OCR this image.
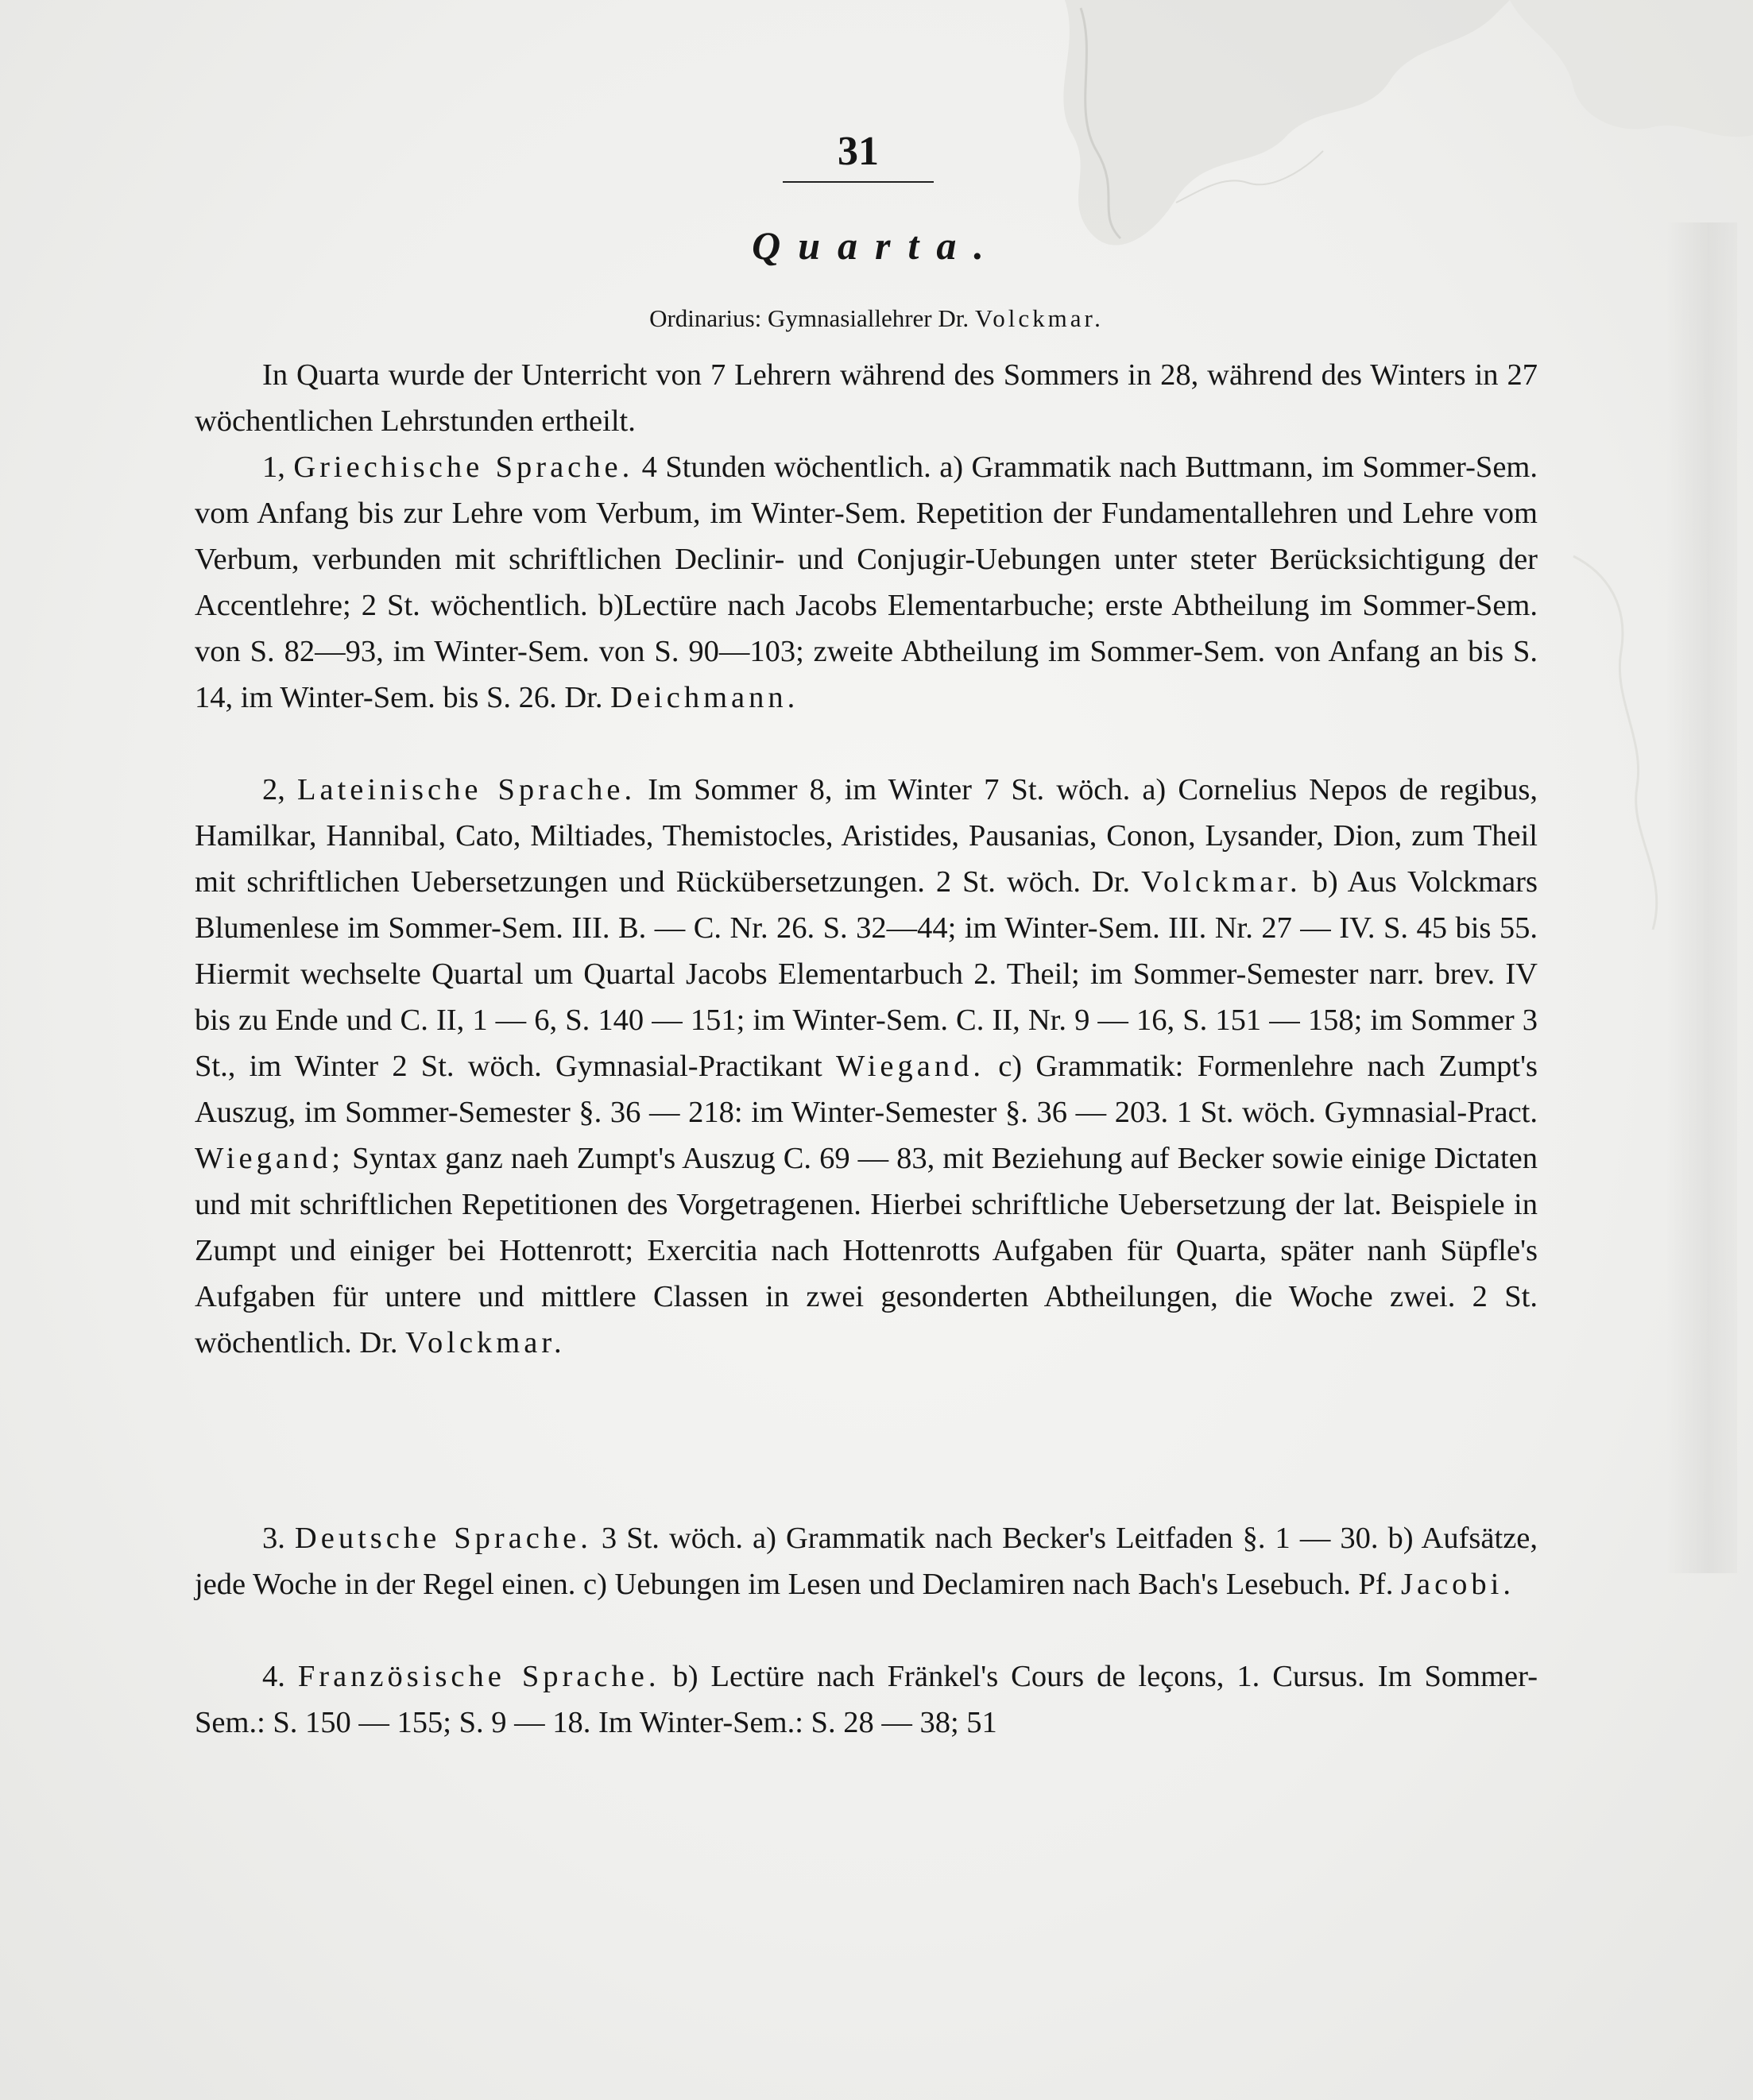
31
Quarta.
Ordinarius: Gymnasiallehrer Dr. Volckmar.

In Quarta wurde der Unterricht von 7 Lehrern während des Sommers in 28, während des Winters in 27 wöchentlichen Lehrstunden ertheilt.

1, Griechische Sprache. 4 Stunden wöchentlich. a) Grammatik nach Buttmann, im Sommer-Sem. vom Anfang bis zur Lehre vom Verbum, im Winter-Sem. Repetition der Fundamentallehren und Lehre vom Verbum, verbunden mit schriftlichen Declinir- und Conjugir-Uebungen unter steter Berücksichtigung der Accentlehre; 2 St. wöchentlich. b)Lectüre nach Jacobs Elementarbuche; erste Abtheilung im Sommer-Sem. von S. 82—93, im Winter-Sem. von S. 90—103; zweite Abtheilung im Sommer-Sem. von Anfang an bis S. 14, im Winter-Sem. bis S. 26. Dr. Deichmann.

2, Lateinische Sprache. Im Sommer 8, im Winter 7 St. wöch. a) Cornelius Nepos de regibus, Hamilkar, Hannibal, Cato, Miltiades, Themistocles, Aristides, Pausanias, Conon, Lysander, Dion, zum Theil mit schriftlichen Uebersetzungen und Rückübersetzungen. 2 St. wöch. Dr. Volckmar. b) Aus Volckmars Blumenlese im Sommer-Sem. III. B. — C. Nr. 26. S. 32—44; im Winter-Sem. III. Nr. 27 — IV. S. 45 bis 55. Hiermit wechselte Quartal um Quartal Jacobs Elementarbuch 2. Theil; im Sommer-Semester narr. brev. IV bis zu Ende und C. II, 1 — 6, S. 140 — 151; im Winter-Sem. C. II, Nr. 9 — 16, S. 151 — 158; im Sommer 3 St., im Winter 2 St. wöch. Gymnasial-Practikant Wiegand. c) Grammatik: Formenlehre nach Zumpt's Auszug, im Sommer-Semester §. 36 — 218: im Winter-Semester §. 36 — 203. 1 St. wöch. Gymnasial-Pract. Wiegand; Syntax ganz naeh Zumpt's Auszug C. 69 — 83, mit Beziehung auf Becker sowie einige Dictaten und mit schriftlichen Repetitionen des Vorgetragenen. Hierbei schriftliche Uebersetzung der lat. Beispiele in Zumpt und einiger bei Hottenrott; Exercitia nach Hottenrotts Aufgaben für Quarta, später nanh Süpfle's Aufgaben für untere und mittlere Classen in zwei gesonderten Abtheilungen, die Woche zwei. 2 St. wöchentlich. Dr. Volckmar.

3. Deutsche Sprache. 3 St. wöch. a) Grammatik nach Becker's Leitfaden §. 1 — 30. b) Aufsätze, jede Woche in der Regel einen. c) Uebungen im Lesen und Declamiren nach Bach's Lesebuch. Pf. Jacobi.

4. Französische Sprache. b) Lectüre nach Fränkel's Cours de leçons, 1. Cursus. Im Sommer-Sem.: S. 150 — 155; S. 9 — 18. Im Winter-Sem.: S. 28 — 38; 51
